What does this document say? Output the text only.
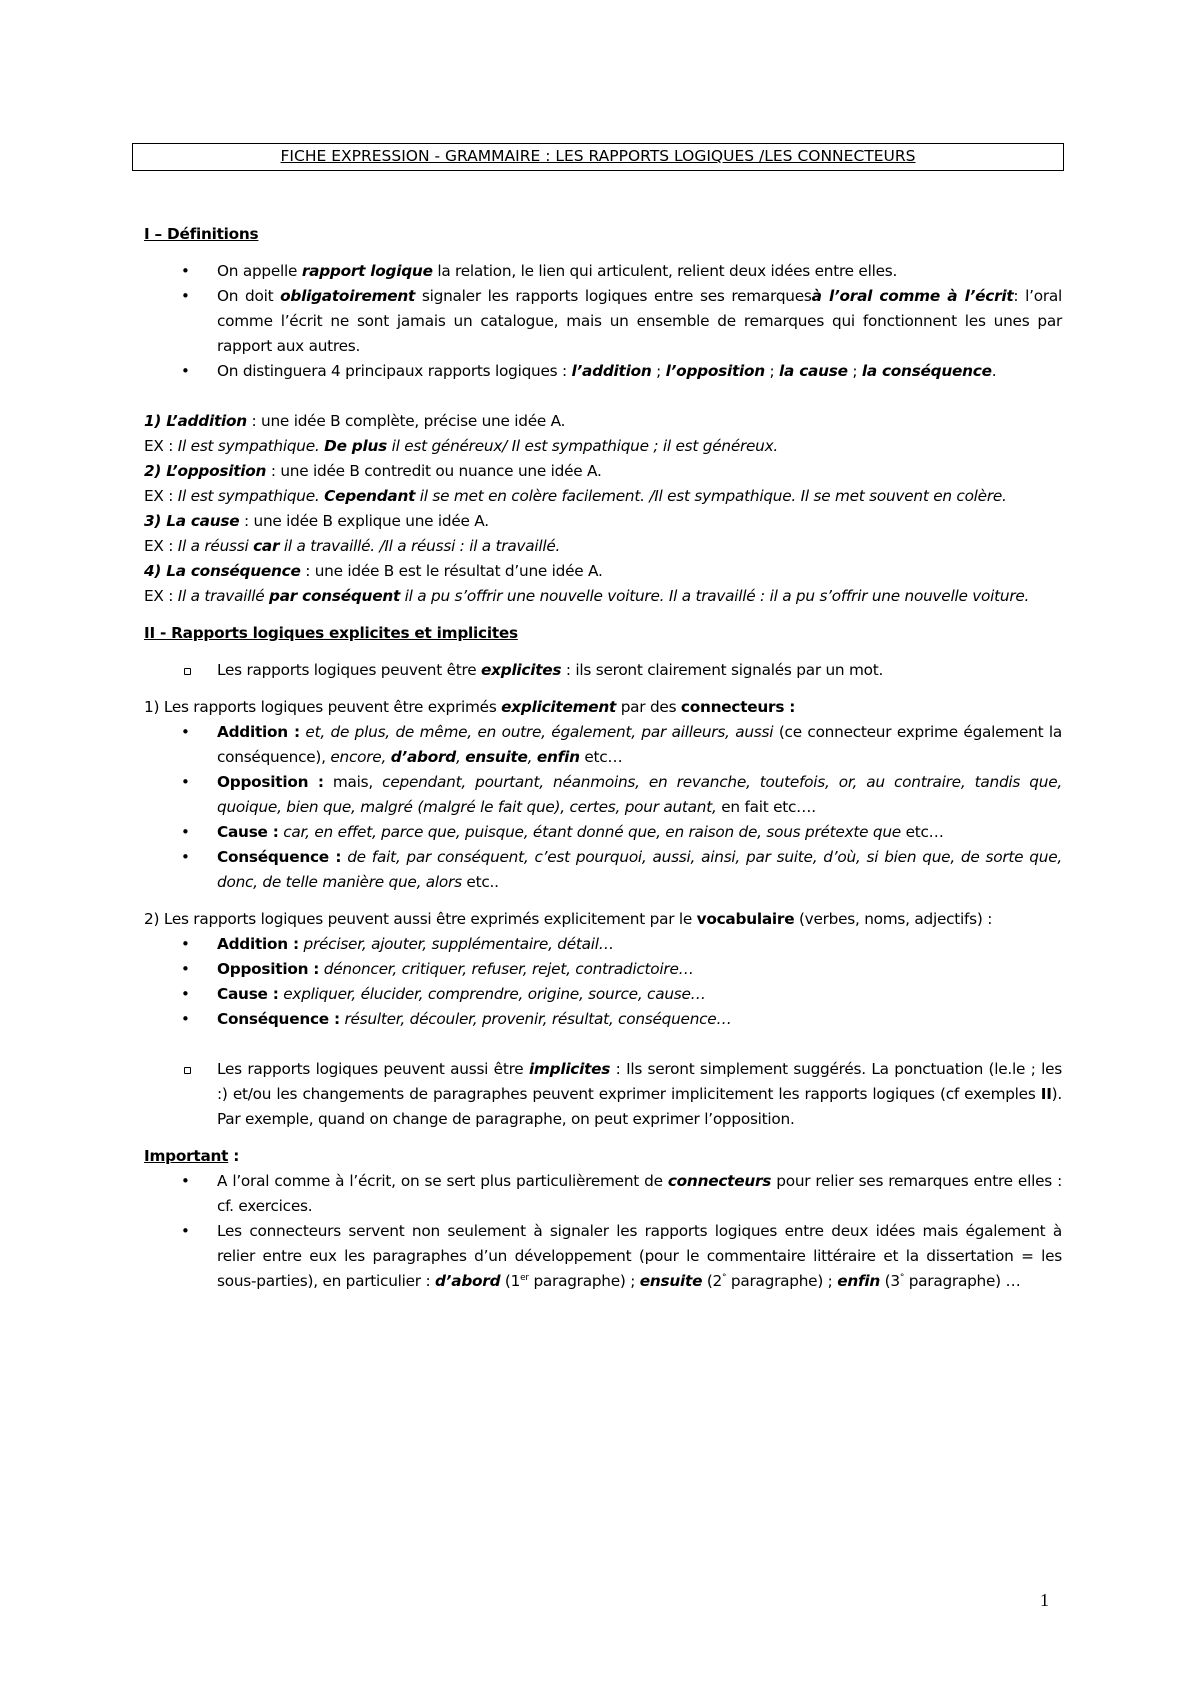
FICHE EXPRESSION - GRAMMAIRE : LES RAPPORTS LOGIQUES /LES CONNECTEURS

I – Définitions

• On appelle rapport logique la relation, le lien qui articulent, relient deux idées entre elles.
• On doit obligatoirement signaler les rapports logiques entre ses remarquesà l’oral comme à l’écrit: l’oral comme l’écrit ne sont jamais un catalogue, mais un ensemble de remarques qui fonctionnent les unes par rapport aux autres.
• On distinguera 4 principaux rapports logiques : l’addition ; l’opposition ; la cause ; la conséquence.

1) L’addition : une idée B complète, précise une idée A.

EX : Il est sympathique. De plus il est généreux/ Il est sympathique ; il est généreux.

2) L’opposition : une idée B contredit ou nuance une idée A.

EX : Il est sympathique. Cependant il se met en colère facilement. /Il est sympathique. Il se met souvent en colère.

3) La cause : une idée B explique une idée A.

EX : Il a réussi car il a travaillé. /Il a réussi : il a travaillé.

4) La conséquence : une idée B est le résultat d’une idée A.

EX : Il a travaillé par conséquent il a pu s’offrir une nouvelle voiture. Il a travaillé : il a pu s’offrir une nouvelle voiture.

II - Rapports logiques explicites et implicites

Les rapports logiques peuvent être explicites : ils seront clairement signalés par un mot.

1) Les rapports logiques peuvent être exprimés explicitement par des connecteurs :

• Addition : et, de plus, de même, en outre, également, par ailleurs, aussi (ce connecteur exprime également la conséquence), encore, d’abord, ensuite, enfin etc…
• Opposition : mais, cependant, pourtant, néanmoins, en revanche, toutefois, or, au contraire, tandis que, quoique, bien que, malgré (malgré le fait que), certes, pour autant, en fait etc….
• Cause : car, en effet, parce que, puisque, étant donné que, en raison de, sous prétexte que etc…
• Conséquence : de fait, par conséquent, c’est pourquoi, aussi, ainsi, par suite, d’où, si bien que, de sorte que, donc, de telle manière que, alors etc..

2) Les rapports logiques peuvent aussi être exprimés explicitement par le vocabulaire (verbes, noms, adjectifs) :

• Addition : préciser, ajouter, supplémentaire, détail…
• Opposition : dénoncer, critiquer, refuser, rejet, contradictoire…
• Cause : expliquer, élucider, comprendre, origine, source, cause…
• Conséquence : résulter, découler, provenir, résultat, conséquence…
Les rapports logiques peuvent aussi être implicites : Ils seront simplement suggérés. La ponctuation (le.le ; les :) et/ou les changements de paragraphes peuvent exprimer implicitement les rapports logiques (cf exemples II). Par exemple, quand on change de paragraphe, on peut exprimer l’opposition.

Important :

• A l’oral comme à l’écrit, on se sert plus particulièrement de connecteurs pour relier ses remarques entre elles : cf. exercices.
• Les connecteurs servent non seulement à signaler les rapports logiques entre deux idées mais également à relier entre eux les paragraphes d’un développement (pour le commentaire littéraire et la dissertation = les sous-parties), en particulier : d’abord (1er paragraphe) ; ensuite (2° paragraphe) ; enfin (3° paragraphe) …
1
